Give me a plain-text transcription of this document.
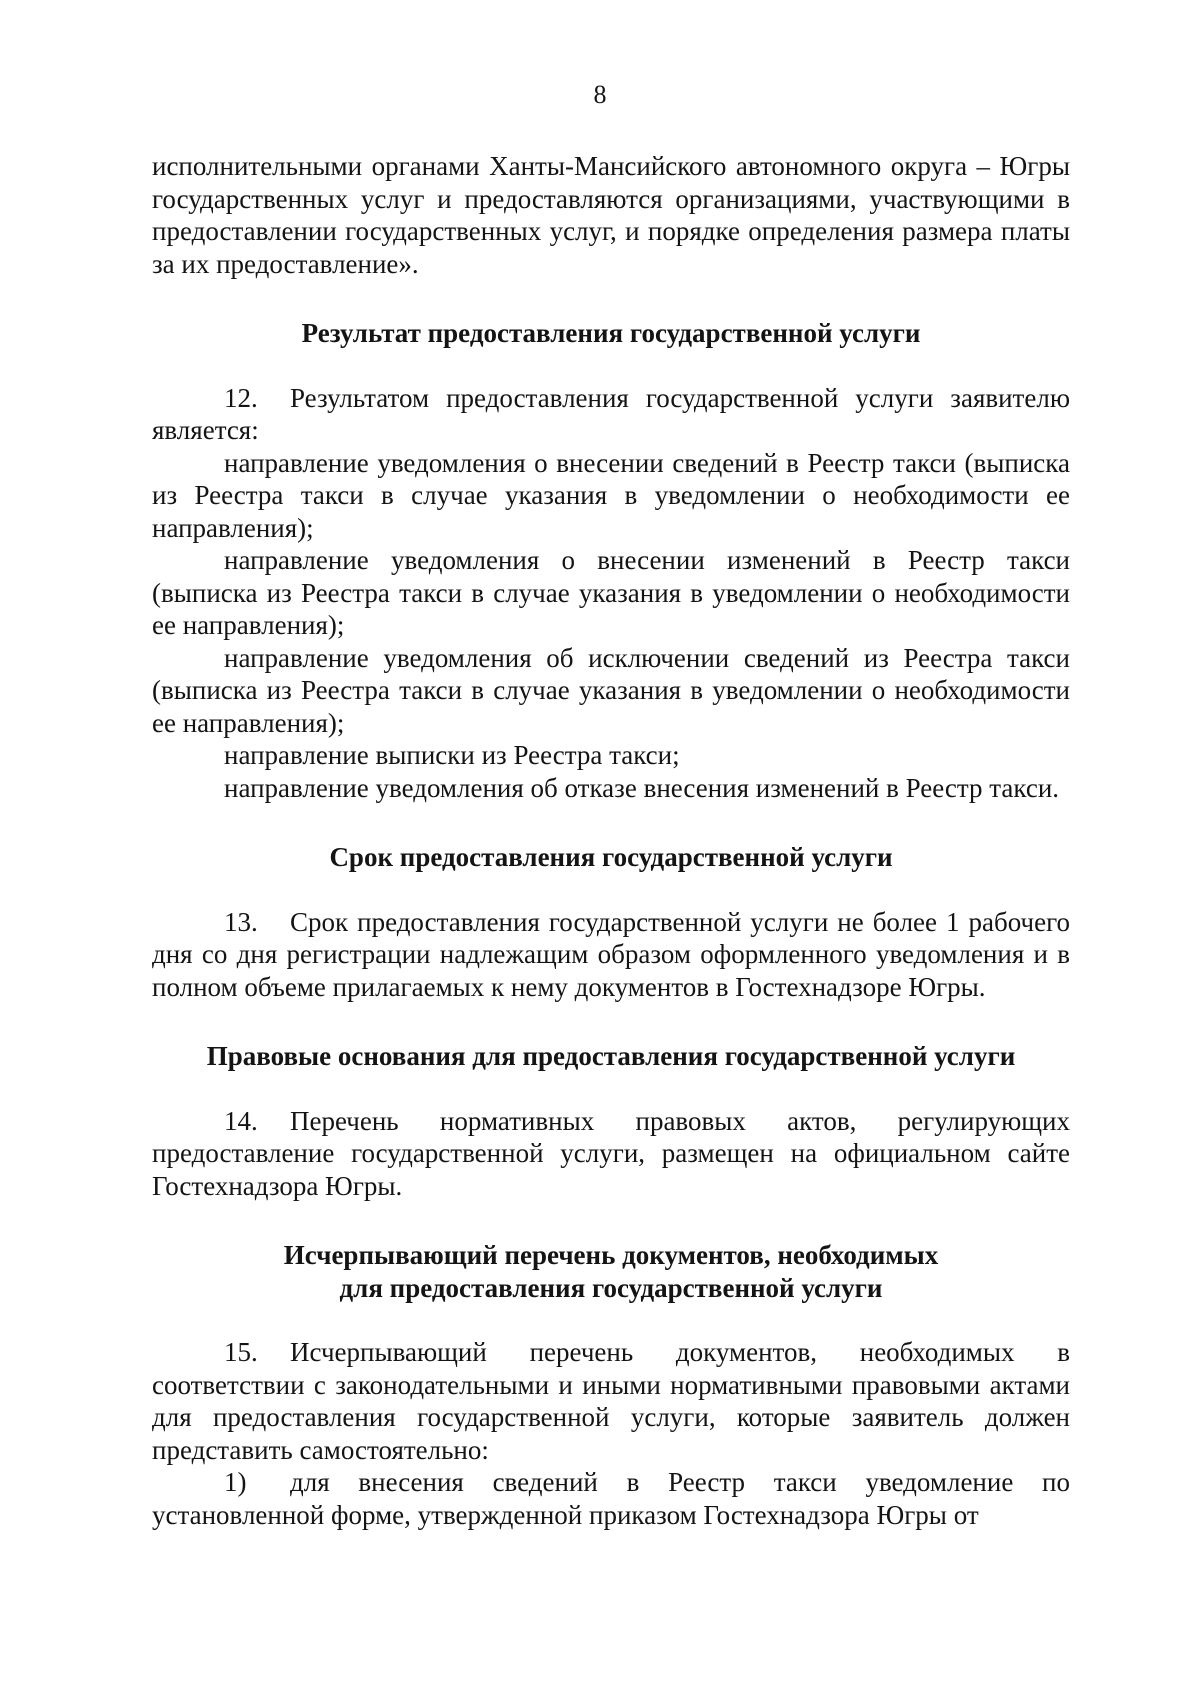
8

исполнительными органами Ханты-Мансийского автономного округа – Югры государственных услуг и предоставляются организациями, участвующими в предоставлении государственных услуг, и порядке определения размера платы за их предоставление».

Результат предоставления государственной услуги

12. Результатом предоставления государственной услуги заявителю является:

направление уведомления о внесении сведений в Реестр такси (выписка из Реестра такси в случае указания в уведомлении о необходимости ее направления);

направление уведомления о внесении изменений в Реестр такси (выписка из Реестра такси в случае указания в уведомлении о необходимости ее направления);

направление уведомления об исключении сведений из Реестра такси (выписка из Реестра такси в случае указания в уведомлении о необходимости ее направления);

направление выписки из Реестра такси;

направление уведомления об отказе внесения изменений в Реестр такси.

Срок предоставления государственной услуги

13. Срок предоставления государственной услуги не более 1 рабочего дня со дня регистрации надлежащим образом оформленного уведомления и в полном объеме прилагаемых к нему документов в Гостехнадзоре Югры.

Правовые основания для предоставления государственной услуги

14. Перечень нормативных правовых актов, регулирующих предоставление государственной услуги, размещен на официальном сайте Гостехнадзора Югры.

Исчерпывающий перечень документов, необходимых
для предоставления государственной услуги

15. Исчерпывающий перечень документов, необходимых в соответствии с законодательными и иными нормативными правовыми актами для предоставления государственной услуги, которые заявитель должен представить самостоятельно:

1) для внесения сведений в Реестр такси уведомление по установленной форме, утвержденной приказом Гостехнадзора Югры от
